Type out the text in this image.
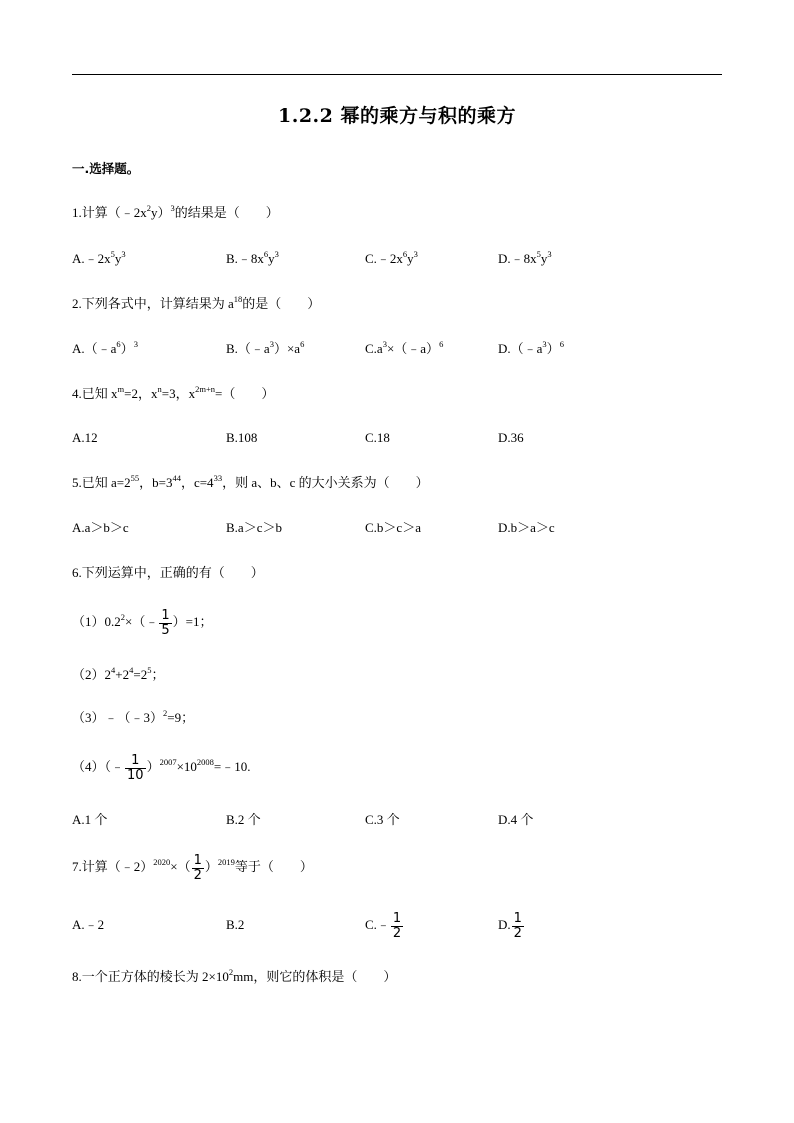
1.2.2 幂的乘方与积的乘方
一.选择题。
1.计算$(﹣2x^2y)^3$的结果是（　　）
$A.﹣2x^5y^3$	$B.﹣8x^6y^3$	$C.﹣2x^6y^3$	$D.﹣8x^5y^3$
2.下列各式中，计算结果为 $a^{18}$的是（　　）
$A.(﹣a^6)^3$	$B.(﹣a^3)\times a^6$	$C.a^3\times(﹣a)^6$	$D.(﹣a^3)^6$
4.已知 $x^m=2$，$x^n=3$，$x^{2m+n}=$（　　）
A.12	B.108	C.18	D.36
5.已知 $a=2^{55}$，$b=3^{44}$，$c=4^{33}$，则 a、b、c 的大小关系为（　　）
A.a＞b＞c	B.a＞c＞b	C.b＞c＞a	D.b＞a＞c
6.下列运算中，正确的有（　　）
$(1)0.2^2\times(﹣ \frac{1}{5} )=1$；
$(2)2^4+2^4=2^5$；
（3）﹣（﹣3）$^2$=9；
（4）（﹣ $\frac{1}{10}$ ）$^{2007}\times 10^{2008}=﹣10$.
A.1 个	B.2 个	C.3 个	D.4 个
7.计算（﹣2）$^{2020}$×（ $\frac{1}{2} )^{2019}$等于（　　）
A.﹣2	B.2	C.﹣ $\frac{1}{2}$	D. $\frac{1}{2}$
8.一个正方体的棱长为 $2\times 10^2mm$，则它的体积是（　　）
